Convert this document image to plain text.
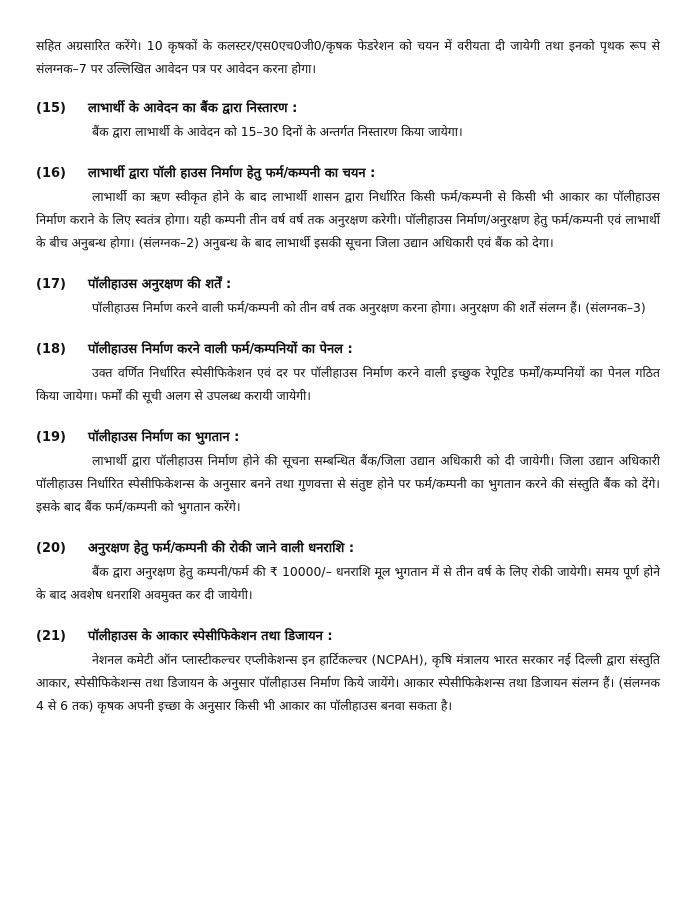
सहित अग्रसारित करेंगे। 10 कृषकों के कलस्टर/एस0एच0जी0/कृषक फेडरेशन को चयन में वरीयता दी जायेगी तथा इनको पृथक रूप से संलग्नक–7 पर उल्लिखित आवेदन पत्र पर आवेदन करना होगा।

(15)	लाभार्थी के आवेदन का बैंक द्वारा निस्तारण :

बैंक द्वारा लाभार्थी के आवेदन को 15–30 दिनों के अन्तर्गत निस्तारण किया जायेगा।

(16)	लाभार्थी द्वारा पॉली हाउस निर्माण हेतु फर्म/कम्पनी का चयन :

लाभार्थी का ऋण स्वीकृत होने के बाद लाभार्थी शासन द्वारा निर्धारित किसी फर्म/कम्पनी से किसी भी आकार का पॉलीहाउस निर्माण कराने के लिए स्वतंत्र होगा। यही कम्पनी तीन वर्ष वर्ष तक अनुरक्षण करेगी। पॉलीहाउस निर्माण/अनुरक्षण हेतु फर्म/कम्पनी एवं लाभार्थी के बीच अनुबन्ध होगा। (संलग्नक–2) अनुबन्ध के बाद लाभार्थी इसकी सूचना जिला उद्यान अधिकारी एवं बैंक को देगा।

(17)	पॉलीहाउस अनुरक्षण की शर्तें :

पॉलीहाउस निर्माण करने वाली फर्म/कम्पनी को तीन वर्ष तक अनुरक्षण करना होगा। अनुरक्षण की शर्तें संलग्न हैं। (संलग्नक–3)

(18)	पॉलीहाउस निर्माण करने वाली फर्म/कम्पनियों का पेनल :

उक्त वर्णित निर्धारित स्पेसीफिकेशन एवं दर पर पॉलीहाउस निर्माण करने वाली इच्छुक रेपूटिड फर्मों/कम्पनियों का पेनल गठित किया जायेगा। फर्मों की सूची अलग से उपलब्ध करायी जायेगी।

(19)	पॉलीहाउस निर्माण का भुगतान :

लाभार्थी द्वारा पॉलीहाउस निर्माण होने की सूचना सम्बन्धित बैंक/जिला उद्यान अधिकारी को दी जायेगी। जिला उद्यान अधिकारी पॉलीहाउस निर्धारित स्पेसीफिकेशन्स के अनुसार बनने तथा गुणवत्ता से संतुष्ट होने पर फर्म/कम्पनी का भुगतान करने की संस्तुति बैंक को देंगे। इसके बाद बैंक फर्म/कम्पनी को भुगतान करेंगे।

(20)	अनुरक्षण हेतु फर्म/कम्पनी की रोकी जाने वाली धनराशि :

बैंक द्वारा अनुरक्षण हेतु कम्पनी/फर्म की ₹ 10000/– धनराशि मूल भुगतान में से तीन वर्ष के लिए रोकी जायेगी। समय पूर्ण होने के बाद अवशेष धनराशि अवमुक्त कर दी जायेगी।

(21)	पॉलीहाउस के आकार स्पेसीफिकेशन तथा डिजायन :

नेशनल कमेटी ऑन प्लास्टीकल्चर एप्लीकेशन्स इन हार्टिकल्चर (NCPAH), कृषि मंत्रालय भारत सरकार नई दिल्ली द्वारा संस्तुति आकार, स्पेसीफिकेशन्स तथा डिजायन के अनुसार पॉलीहाउस निर्माण किये जायेंगे। आकार स्पेसीफिकेशन्स तथा डिजायन संलग्न हैं। (संलग्नक 4 से 6 तक) कृषक अपनी इच्छा के अनुसार किसी भी आकार का पॉलीहाउस बनवा सकता है।
